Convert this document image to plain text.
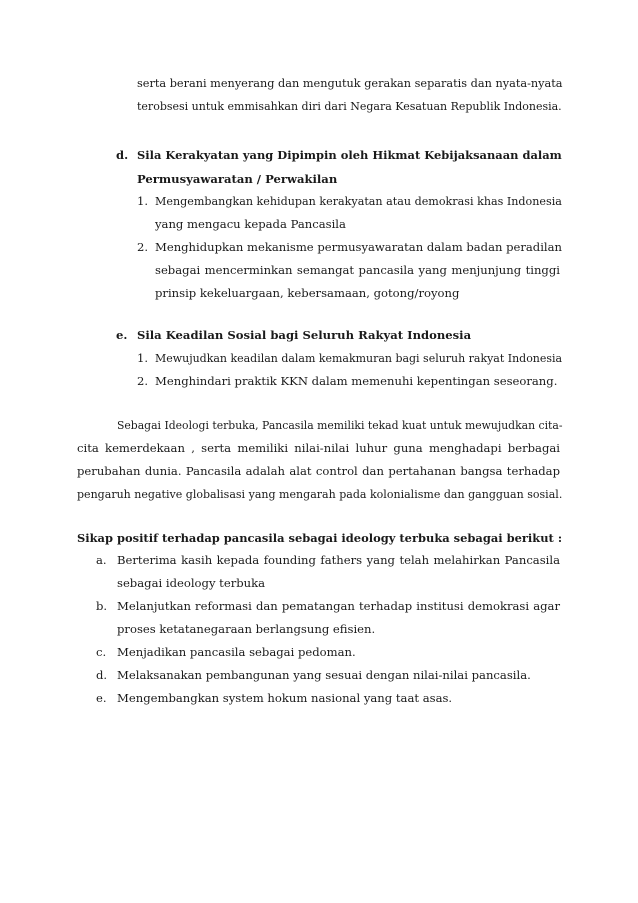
serta berani menyerang dan mengutuk gerakan separatis dan nyata-nyata
terobsesi untuk emmisahkan diri dari Negara Kesatuan Republik Indonesia.
d. Sila Kerakyatan yang Dipimpin oleh Hikmat Kebijaksanaan dalam
Permusyawaratan / Perwakilan
1. Mengembangkan kehidupan kerakyatan atau demokrasi khas Indonesia
yang mengacu kepada Pancasila
2. Menghidupkan mekanisme permusyawaratan dalam badan peradilan
sebagai mencerminkan semangat pancasila yang menjunjung tinggi
prinsip kekeluargaan, kebersamaan, gotong/royong
e. Sila Keadilan Sosial bagi Seluruh Rakyat Indonesia
1. Mewujudkan keadilan dalam kemakmuran bagi seluruh rakyat Indonesia
2. Menghindari praktik KKN dalam memenuhi kepentingan seseorang.
Sebagai Ideologi terbuka, Pancasila memiliki tekad kuat untuk mewujudkan cita-
cita kemerdekaan , serta memiliki nilai-nilai luhur guna menghadapi berbagai
perubahan dunia. Pancasila adalah alat control dan pertahanan bangsa terhadap
pengaruh negative globalisasi yang mengarah pada kolonialisme dan gangguan sosial.
Sikap positif terhadap pancasila sebagai ideology terbuka sebagai berikut :
a. Berterima kasih kepada founding fathers yang telah melahirkan Pancasila
sebagai ideology terbuka
b. Melanjutkan reformasi dan pematangan terhadap institusi demokrasi agar
proses ketatanegaraan berlangsung efisien.
c. Menjadikan pancasila sebagai pedoman.
d. Melaksanakan pembangunan yang sesuai dengan nilai-nilai pancasila.
e. Mengembangkan system hokum nasional yang taat asas.
